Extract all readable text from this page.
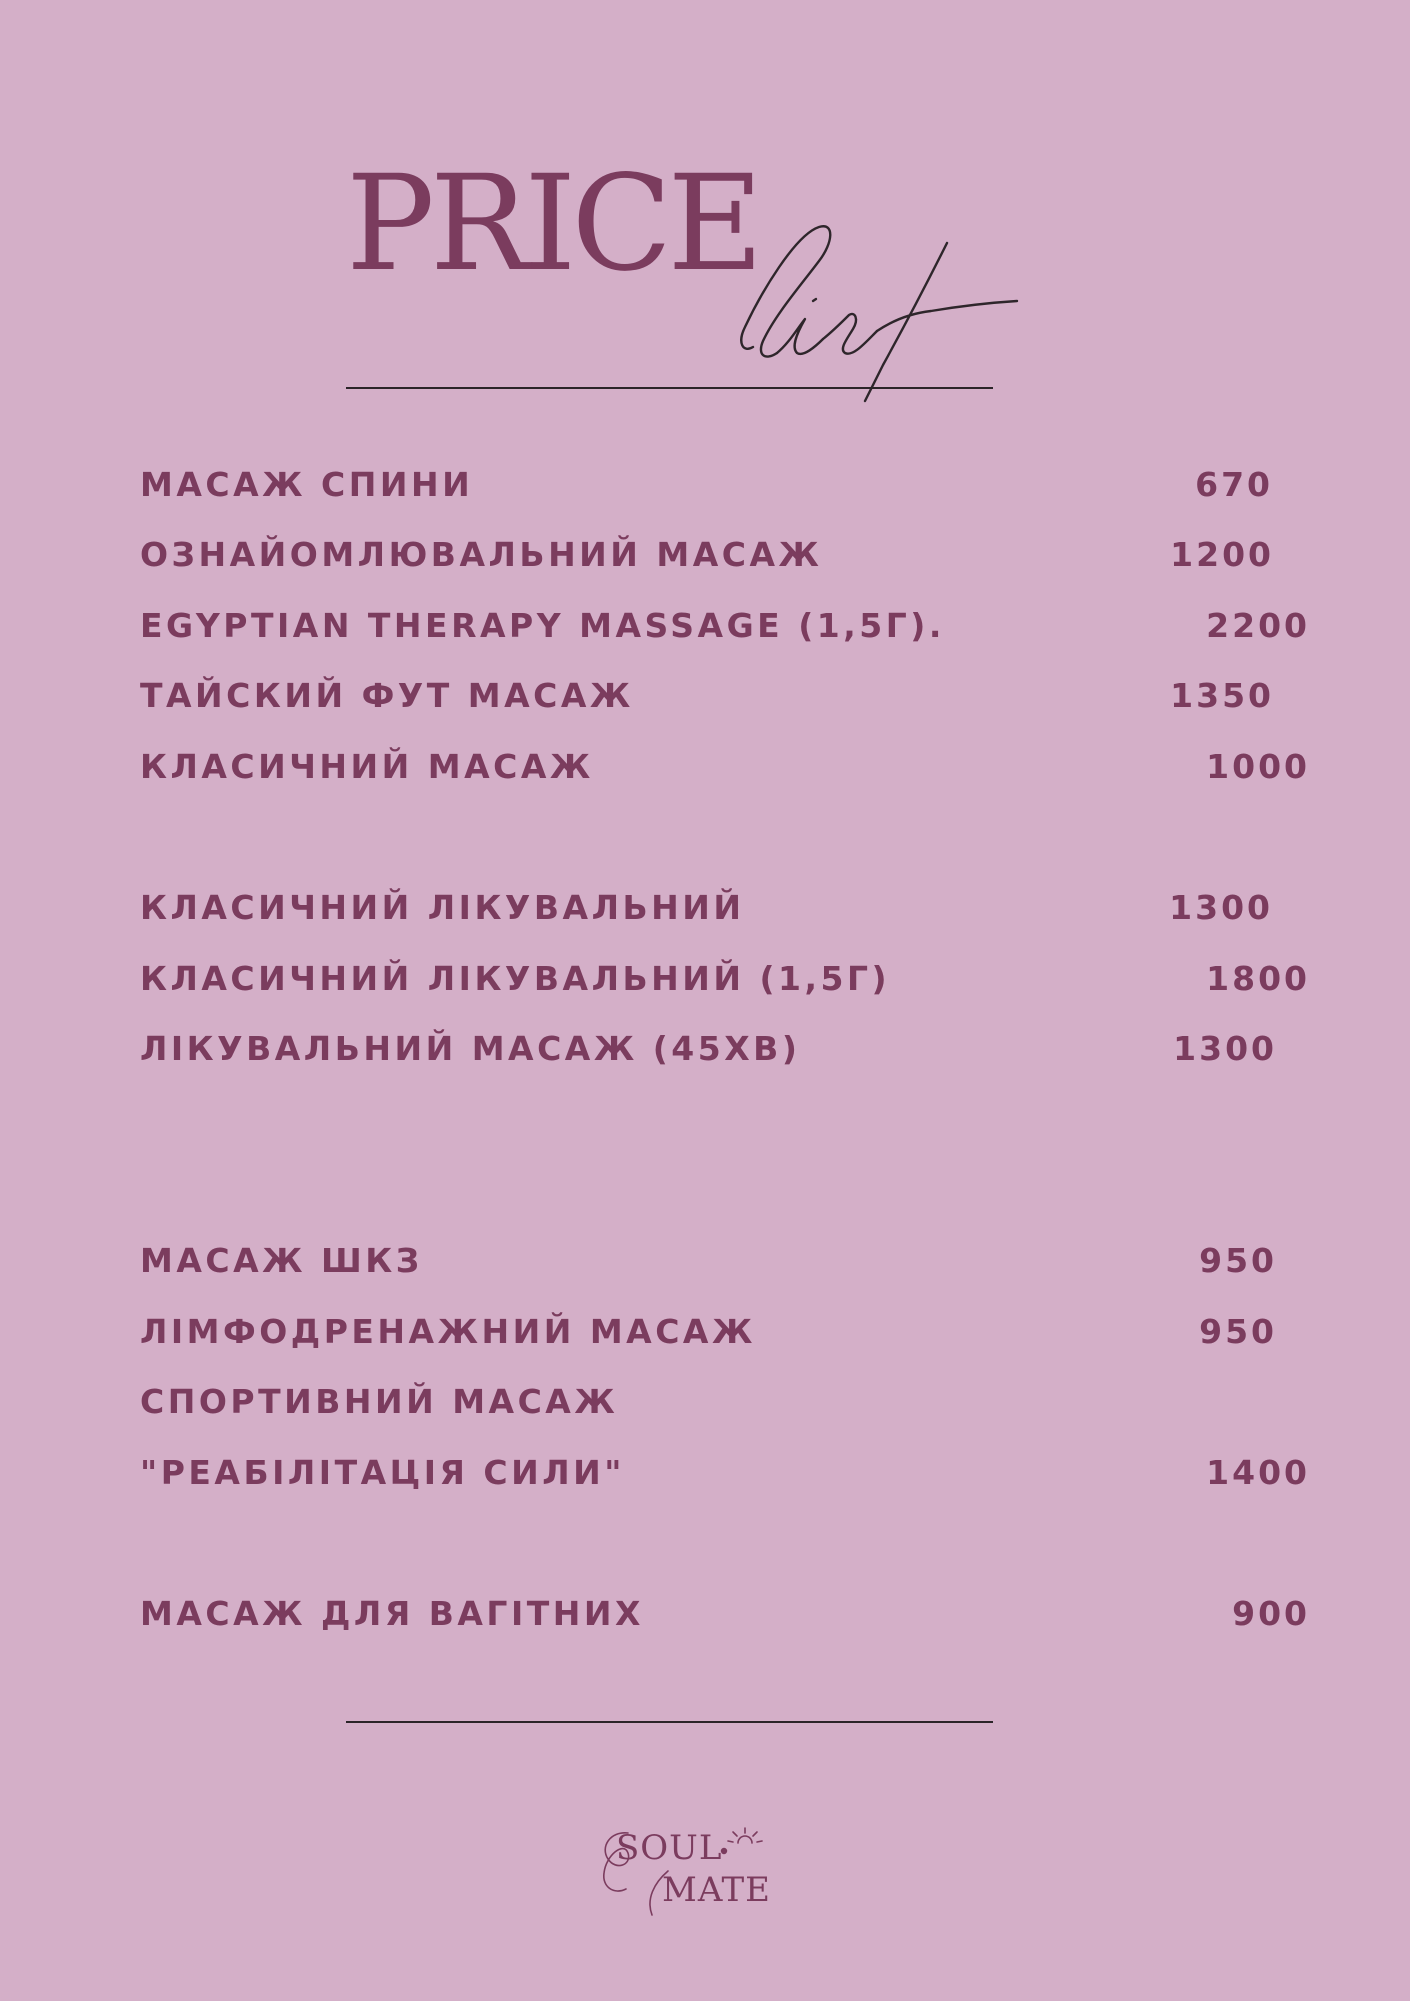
PRICE
МАСАЖ СПИНИ	670
ОЗНАЙОМЛЮВАЛЬНИЙ МАСАЖ	1200
EGYPTIAN THERAPY MASSAGE (1,5Г).	2200
ТАЙСКИЙ ФУТ МАСАЖ	1350
КЛАСИЧНИЙ МАСАЖ	1000
КЛАСИЧНИЙ ЛІКУВАЛЬНИЙ	1300
КЛАСИЧНИЙ ЛІКУВАЛЬНИЙ (1,5Г)	1800
ЛІКУВАЛЬНИЙ МАСАЖ (45ХВ)	1300
МАСАЖ ШКЗ	950
ЛІМФОДРЕНАЖНИЙ МАСАЖ	950
СПОРТИВНИЙ МАСАЖ
"РЕАБІЛІТАЦІЯ СИЛИ"	1400
МАСАЖ ДЛЯ ВАГІТНИХ	900
SOUL
MATE
